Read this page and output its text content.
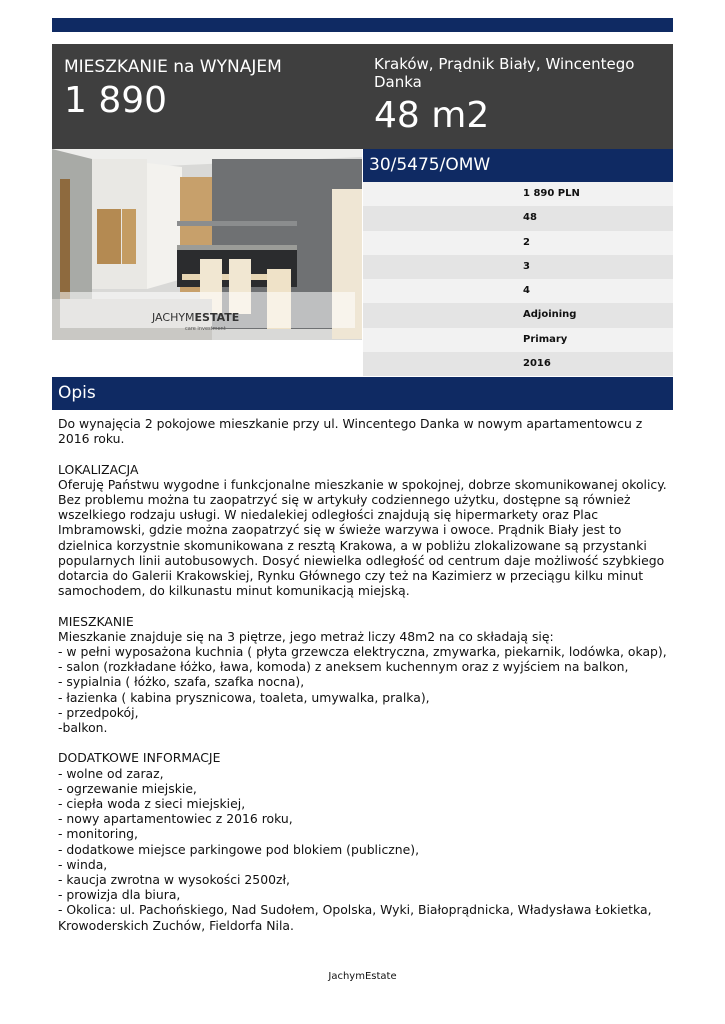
MIESZKANIE na WYNAJEM
1 890
Kraków, Prądnik Biały, Wincentego Danka
48 m2
JACHYMESTATE
care investment
30/5475/OMW
1 890 PLN
48
2
3
4
Adjoining
Primary
2016
Opis

Do wynajęcia 2 pokojowe mieszkanie przy ul. Wincentego Danka w nowym apartamentowcu z 2016 roku.

LOKALIZACJA

Oferuję Państwu wygodne i funkcjonalne mieszkanie w spokojnej, dobrze skomunikowanej okolicy. Bez problemu można tu zaopatrzyć się w artykuły codziennego użytku, dostępne są również wszelkiego rodzaju usługi. W niedalekiej odległości znajdują się hipermarkety oraz Plac Imbramowski, gdzie można zaopatrzyć się w świeże warzywa i owoce. Prądnik Biały jest to dzielnica korzystnie skomunikowana z resztą Krakowa, a w pobliżu zlokalizowane są przystanki popularnych linii autobusowych. Dosyć niewielka odległość od centrum daje możliwość szybkiego dotarcia do Galerii Krakowskiej, Rynku Głównego czy też na Kazimierz w przeciągu kilku minut samochodem, do kilkunastu minut komunikacją miejską.

MIESZKANIE

Mieszkanie znajduje się na 3 piętrze, jego metraż liczy 48m2 na co składają się:

- w pełni wyposażona kuchnia ( płyta grzewcza elektryczna, zmywarka, piekarnik, lodówka, okap),

- salon (rozkładane łóżko, ława, komoda) z aneksem kuchennym oraz z wyjściem na balkon,

- sypialnia ( łóżko, szafa, szafka nocna),

- łazienka ( kabina prysznicowa, toaleta, umywalka, pralka),

- przedpokój,

-balkon.

DODATKOWE INFORMACJE

- wolne od zaraz,

- ogrzewanie miejskie,

- ciepła woda z sieci miejskiej,

- nowy apartamentowiec z 2016 roku,

- monitoring,

- dodatkowe miejsce parkingowe pod blokiem (publiczne),

- winda,

- kaucja zwrotna w wysokości 2500zł,

- prowizja dla biura,

- Okolica: ul. Pachońskiego, Nad Sudołem, Opolska, Wyki, Białoprądnicka, Władysława Łokietka, Krowoderskich Zuchów, Fieldorfa Nila.

JachymEstate
